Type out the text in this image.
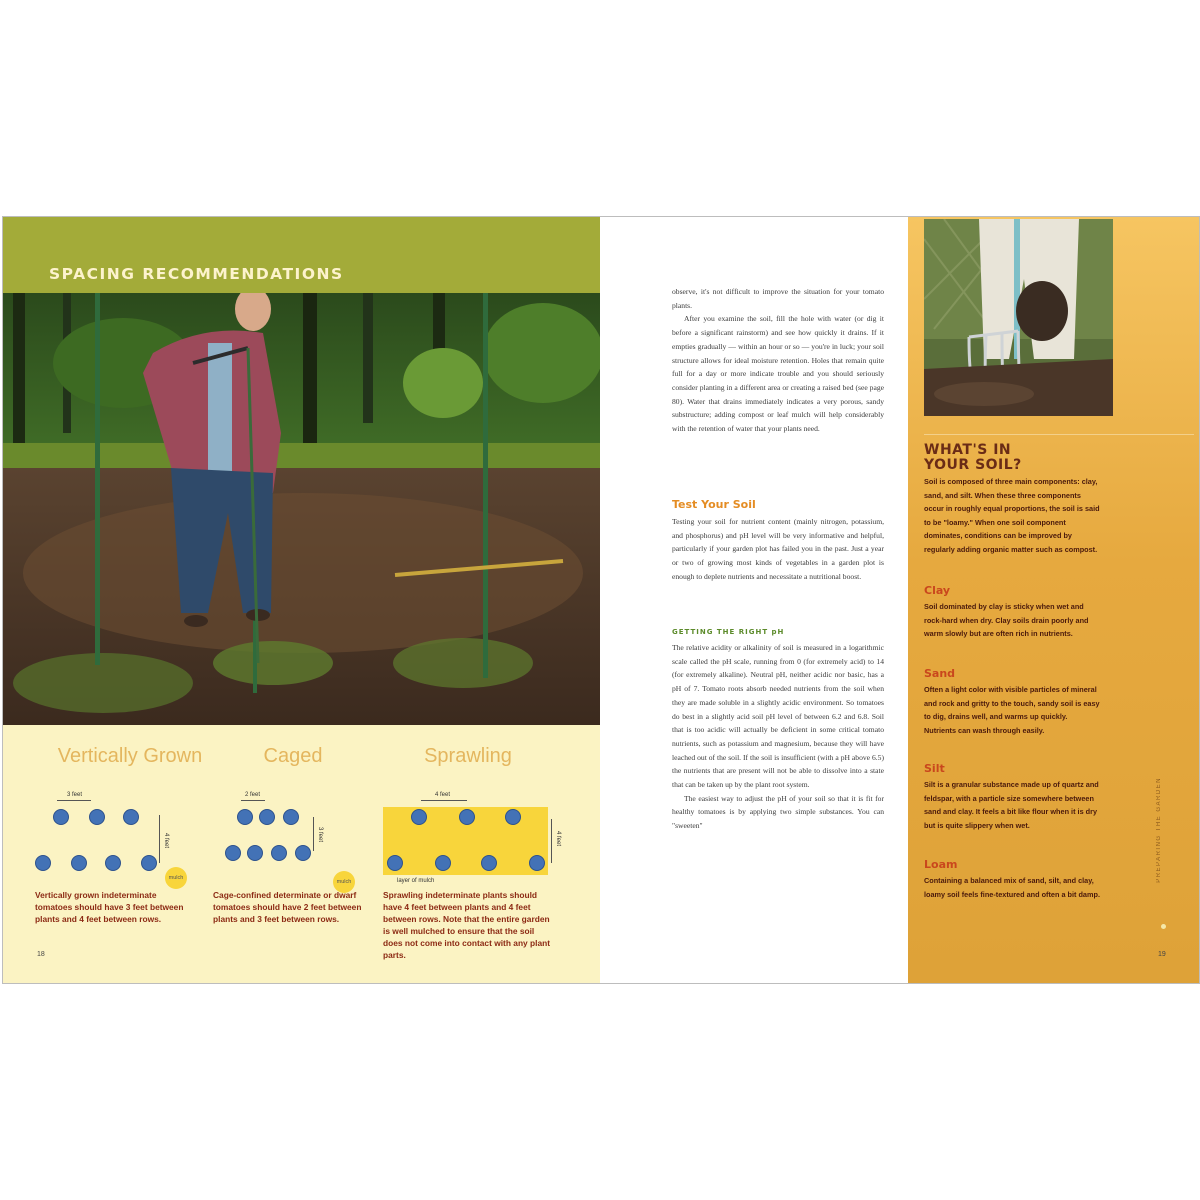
SPACING RECOMMENDATIONS
Vertically Grown
3 feet
4 feet
mulch
Vertically grown indeterminate tomatoes should have 3 feet between plants and 4 feet between rows.
Caged
2 feet
3 feet
mulch
Cage-confined determinate or dwarf tomatoes should have 2 feet between plants and 3 feet between rows.
Sprawling
4 feet
4 feet
layer of mulch
Sprawling indeterminate plants should have 4 feet between plants and 4 feet between rows. Note that the entire garden is well mulched to ensure that the soil does not come into contact with any plant parts.
18

observe, it's not difficult to improve the situation for your tomato plants.

After you examine the soil, fill the hole with water (or dig it before a significant rainstorm) and see how quickly it drains. If it empties gradually — within an hour or so — you're in luck; your soil structure allows for ideal moisture retention. Holes that remain quite full for a day or more indicate trouble and you should seriously consider planting in a different area or creating a raised bed (see page 80). Water that drains immediately indicates a very porous, sandy substructure; adding compost or leaf mulch will help considerably with the retention of water that your plants need.

Test Your Soil

Testing your soil for nutrient content (mainly nitrogen, potassium, and phosphorus) and pH level will be very informative and helpful, particularly if your garden plot has failed you in the past. Just a year or two of growing most kinds of vegetables in a garden plot is enough to deplete nutrients and necessitate a nutritional boost.

GETTING THE RIGHT pH

The relative acidity or alkalinity of soil is measured in a logarithmic scale called the pH scale, running from 0 (for extremely acid) to 14 (for extremely alkaline). Neutral pH, neither acidic nor basic, has a pH of 7. Tomato roots absorb needed nutrients from the soil when they are made soluble in a slightly acidic environment. So tomatoes do best in a slightly acid soil pH level of between 6.2 and 6.8. Soil that is too acidic will actually be deficient in some critical tomato nutrients, such as potassium and magnesium, because they will have leached out of the soil. If the soil is insufficient (with a pH above 6.5) the nutrients that are present will not be able to dissolve into a state that can be taken up by the plant root system.

The easiest way to adjust the pH of your soil so that it is fit for healthy tomatoes is by applying two simple substances. You can "sweeten"

WHAT'S IN
YOUR SOIL?
Soil is composed of three main components: clay, sand, and silt. When these three components occur in roughly equal proportions, the soil is said to be "loamy." When one soil component dominates, conditions can be improved by regularly adding organic matter such as compost.
Clay
Soil dominated by clay is sticky when wet and rock-hard when dry. Clay soils drain poorly and warm slowly but are often rich in nutrients.
Sand
Often a light color with visible particles of mineral and rock and gritty to the touch, sandy soil is easy to dig, drains well, and warms up quickly. Nutrients can wash through easily.
Silt
Silt is a granular substance made up of quartz and feldspar, with a particle size somewhere between sand and clay. It feels a bit like flour when it is dry but is quite slippery when wet.
Loam
Containing a balanced mix of sand, silt, and clay, loamy soil feels fine-textured and often a bit damp.
PREPARING THE GARDEN
19
